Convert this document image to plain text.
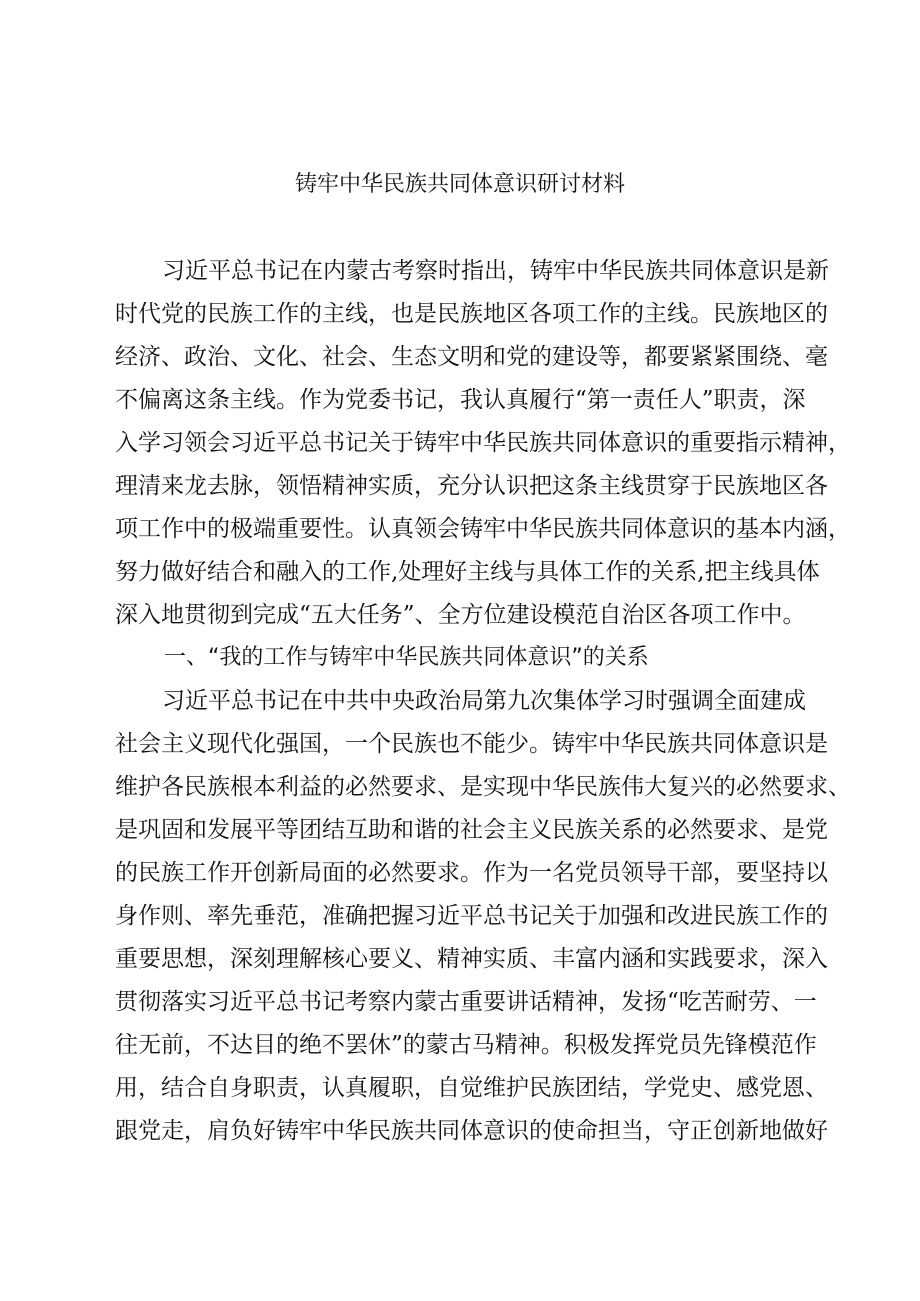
铸牢中华民族共同体意识研讨材料
习近平总书记在内蒙古考察时指出，铸牢中华民族共同体意识是新
时代党的民族工作的主线，也是民族地区各项工作的主线。民族地区的
经济、政治、文化、社会、生态文明和党的建设等，都要紧紧围绕、毫
不偏离这条主线。作为党委书记，我认真履行“第一责任人”职责，深
入学习领会习近平总书记关于铸牢中华民族共同体意识的重要指示精神，
理清来龙去脉，领悟精神实质，充分认识把这条主线贯穿于民族地区各
项工作中的极端重要性。认真领会铸牢中华民族共同体意识的基本内涵，
努力做好结合和融入的工作,处理好主线与具体工作的关系,把主线具体
深入地贯彻到完成“五大任务”、全方位建设模范自治区各项工作中。
一、“我的工作与铸牢中华民族共同体意识”的关系
习近平总书记在中共中央政治局第九次集体学习时强调全面建成
社会主义现代化强国，一个民族也不能少。铸牢中华民族共同体意识是
维护各民族根本利益的必然要求、是实现中华民族伟大复兴的必然要求、
是巩固和发展平等团结互助和谐的社会主义民族关系的必然要求、是党
的民族工作开创新局面的必然要求。作为一名党员领导干部，要坚持以
身作则、率先垂范，准确把握习近平总书记关于加强和改进民族工作的
重要思想，深刻理解核心要义、精神实质、丰富内涵和实践要求，深入
贯彻落实习近平总书记考察内蒙古重要讲话精神，发扬“吃苦耐劳、一
往无前，不达目的绝不罢休”的蒙古马精神。积极发挥党员先锋模范作
用，结合自身职责，认真履职，自觉维护民族团结，学党史、感党恩、
跟党走，肩负好铸牢中华民族共同体意识的使命担当，守正创新地做好
